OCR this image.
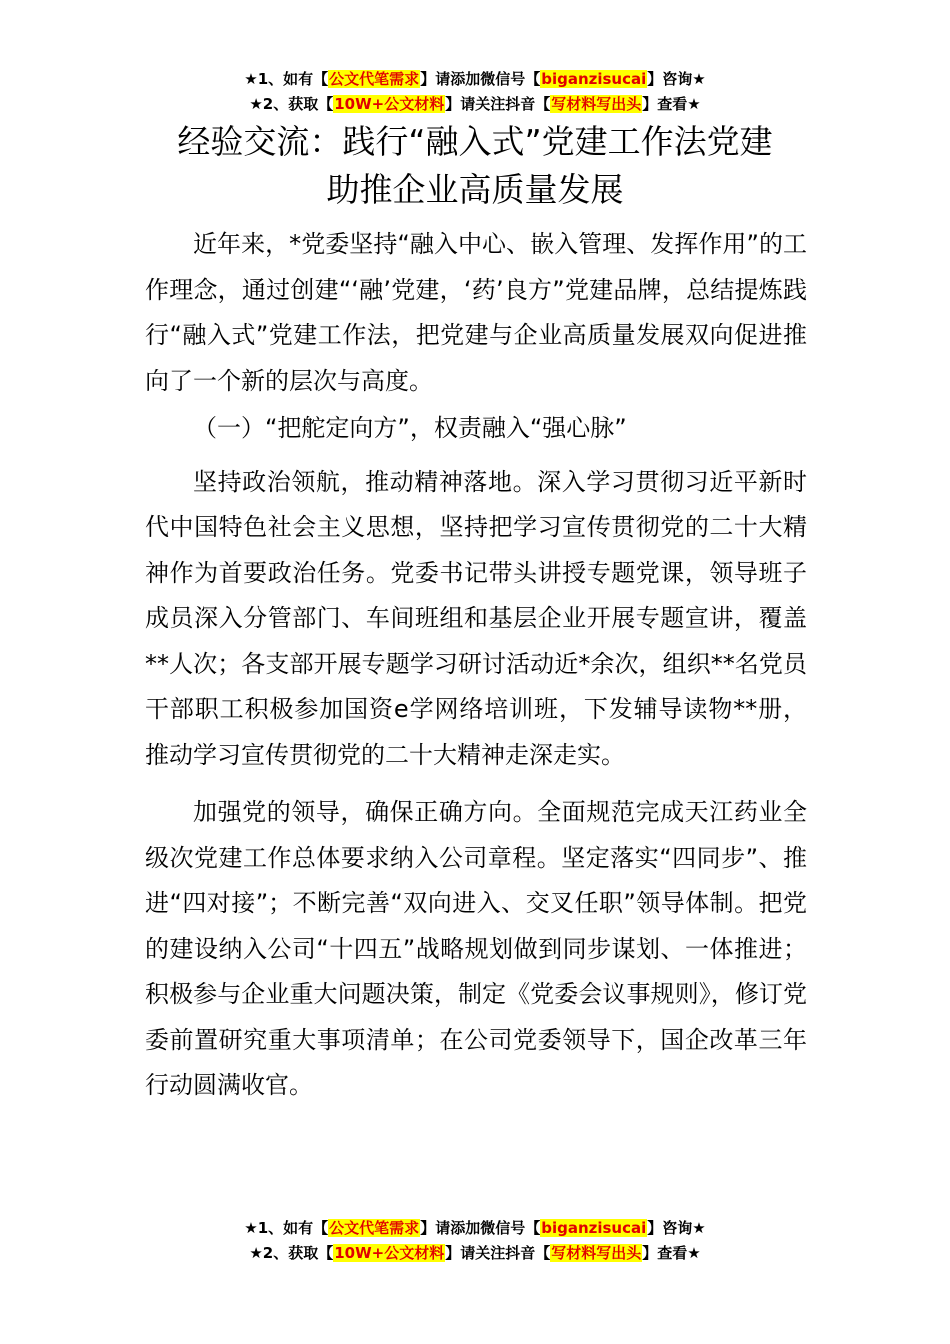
★1、如有【公文代笔需求】请添加微信号【biganzisucai】咨询★
★2、获取【10W+公文材料】请关注抖音【写材料写出头】查看★
经验交流：践行“融入式”党建工作法党建
助推企业高质量发展

近年来，*党委坚持“融入中心、嵌入管理、发挥作用”的工作理念，通过创建“‘融’党建，‘药’良方”党建品牌，总结提炼践行“融入式”党建工作法，把党建与企业高质量发展双向促进推向了一个新的层次与高度。

（一）“把舵定向方”，权责融入“强心脉”

坚持政治领航，推动精神落地。深入学习贯彻习近平新时代中国特色社会主义思想，坚持把学习宣传贯彻党的二十大精神作为首要政治任务。党委书记带头讲授专题党课，领导班子成员深入分管部门、车间班组和基层企业开展专题宣讲，覆盖**人次；各支部开展专题学习研讨活动近*余次，组织**名党员干部职工积极参加国资e学网络培训班，下发辅导读物**册，推动学习宣传贯彻党的二十大精神走深走实。

加强党的领导，确保正确方向。全面规范完成天江药业全级次党建工作总体要求纳入公司章程。坚定落实“四同步”、推进“四对接”；不断完善“双向进入、交叉任职”领导体制。把党的建设纳入公司“十四五”战略规划做到同步谋划、一体推进；积极参与企业重大问题决策，制定《党委会议事规则》，修订党委前置研究重大事项清单；在公司党委领导下，国企改革三年行动圆满收官。

★1、如有【公文代笔需求】请添加微信号【biganzisucai】咨询★
★2、获取【10W+公文材料】请关注抖音【写材料写出头】查看★
